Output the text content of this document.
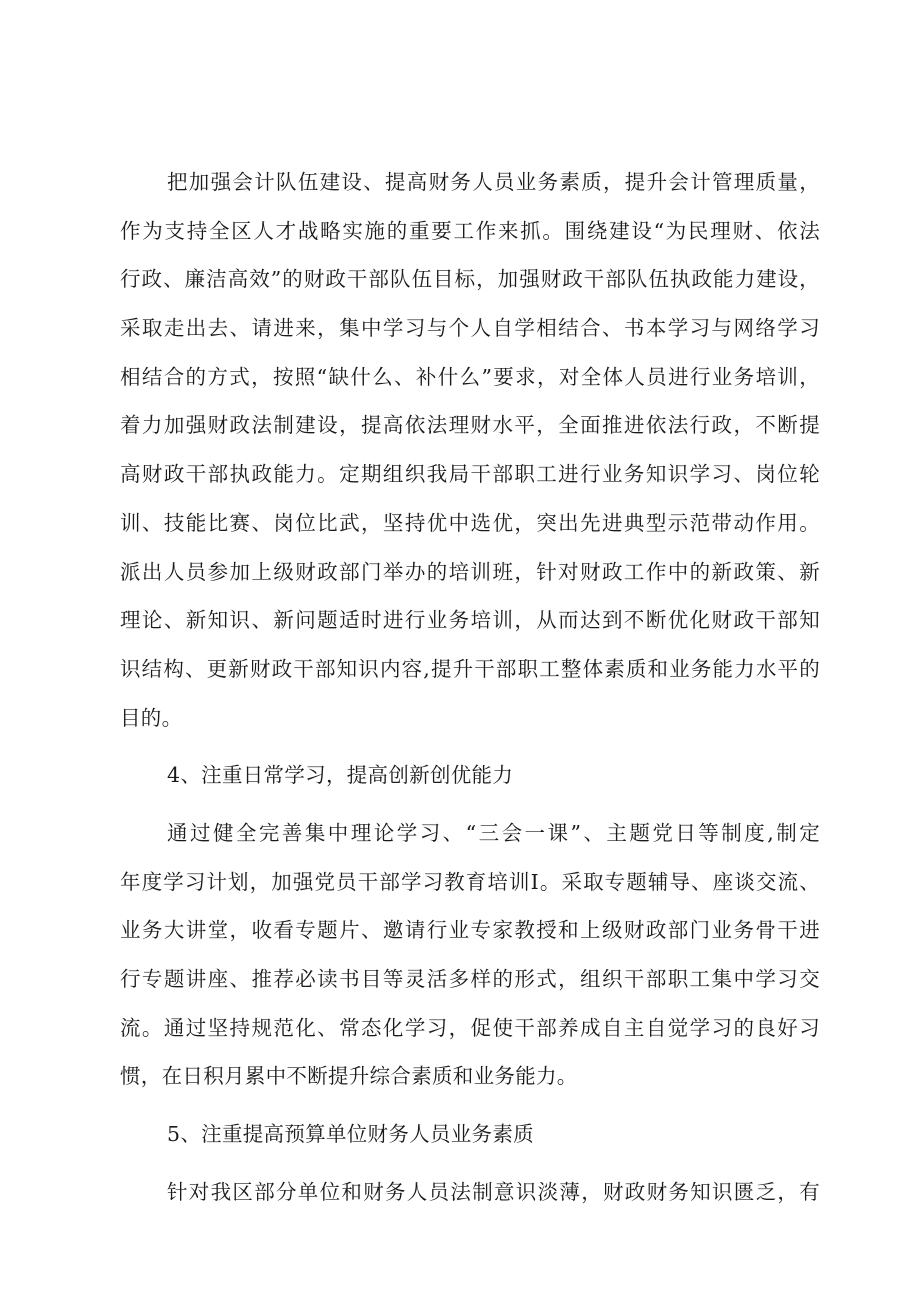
把加强会计队伍建设、提高财务人员业务素质，提升会计管理质量，
作为支持全区人才战略实施的重要工作来抓。围绕建设“为民理财、依法
行政、廉洁高效”的财政干部队伍目标，加强财政干部队伍执政能力建设，
采取走出去、请进来，集中学习与个人自学相结合、书本学习与网络学习
相结合的方式，按照“缺什么、补什么”要求，对全体人员进行业务培训，
着力加强财政法制建设，提高依法理财水平，全面推进依法行政，不断提
高财政干部执政能力。定期组织我局干部职工进行业务知识学习、岗位轮
训、技能比赛、岗位比武，坚持优中选优，突出先进典型示范带动作用。
派出人员参加上级财政部门举办的培训班，针对财政工作中的新政策、新
理论、新知识、新问题适时进行业务培训，从而达到不断优化财政干部知
识结构、更新财政干部知识内容,提升干部职工整体素质和业务能力水平的
目的。
4、注重日常学习，提高创新创优能力
通过健全完善集中理论学习、“三会一课”、主题党日等制度,制定
年度学习计划，加强党员干部学习教育培训I。采取专题辅导、座谈交流、
业务大讲堂，收看专题片、邀请行业专家教授和上级财政部门业务骨干进
行专题讲座、推荐必读书目等灵活多样的形式，组织干部职工集中学习交
流。通过坚持规范化、常态化学习，促使干部养成自主自觉学习的良好习
惯，在日积月累中不断提升综合素质和业务能力。
5、注重提高预算单位财务人员业务素质
针对我区部分单位和财务人员法制意识淡薄，财政财务知识匮乏，有
